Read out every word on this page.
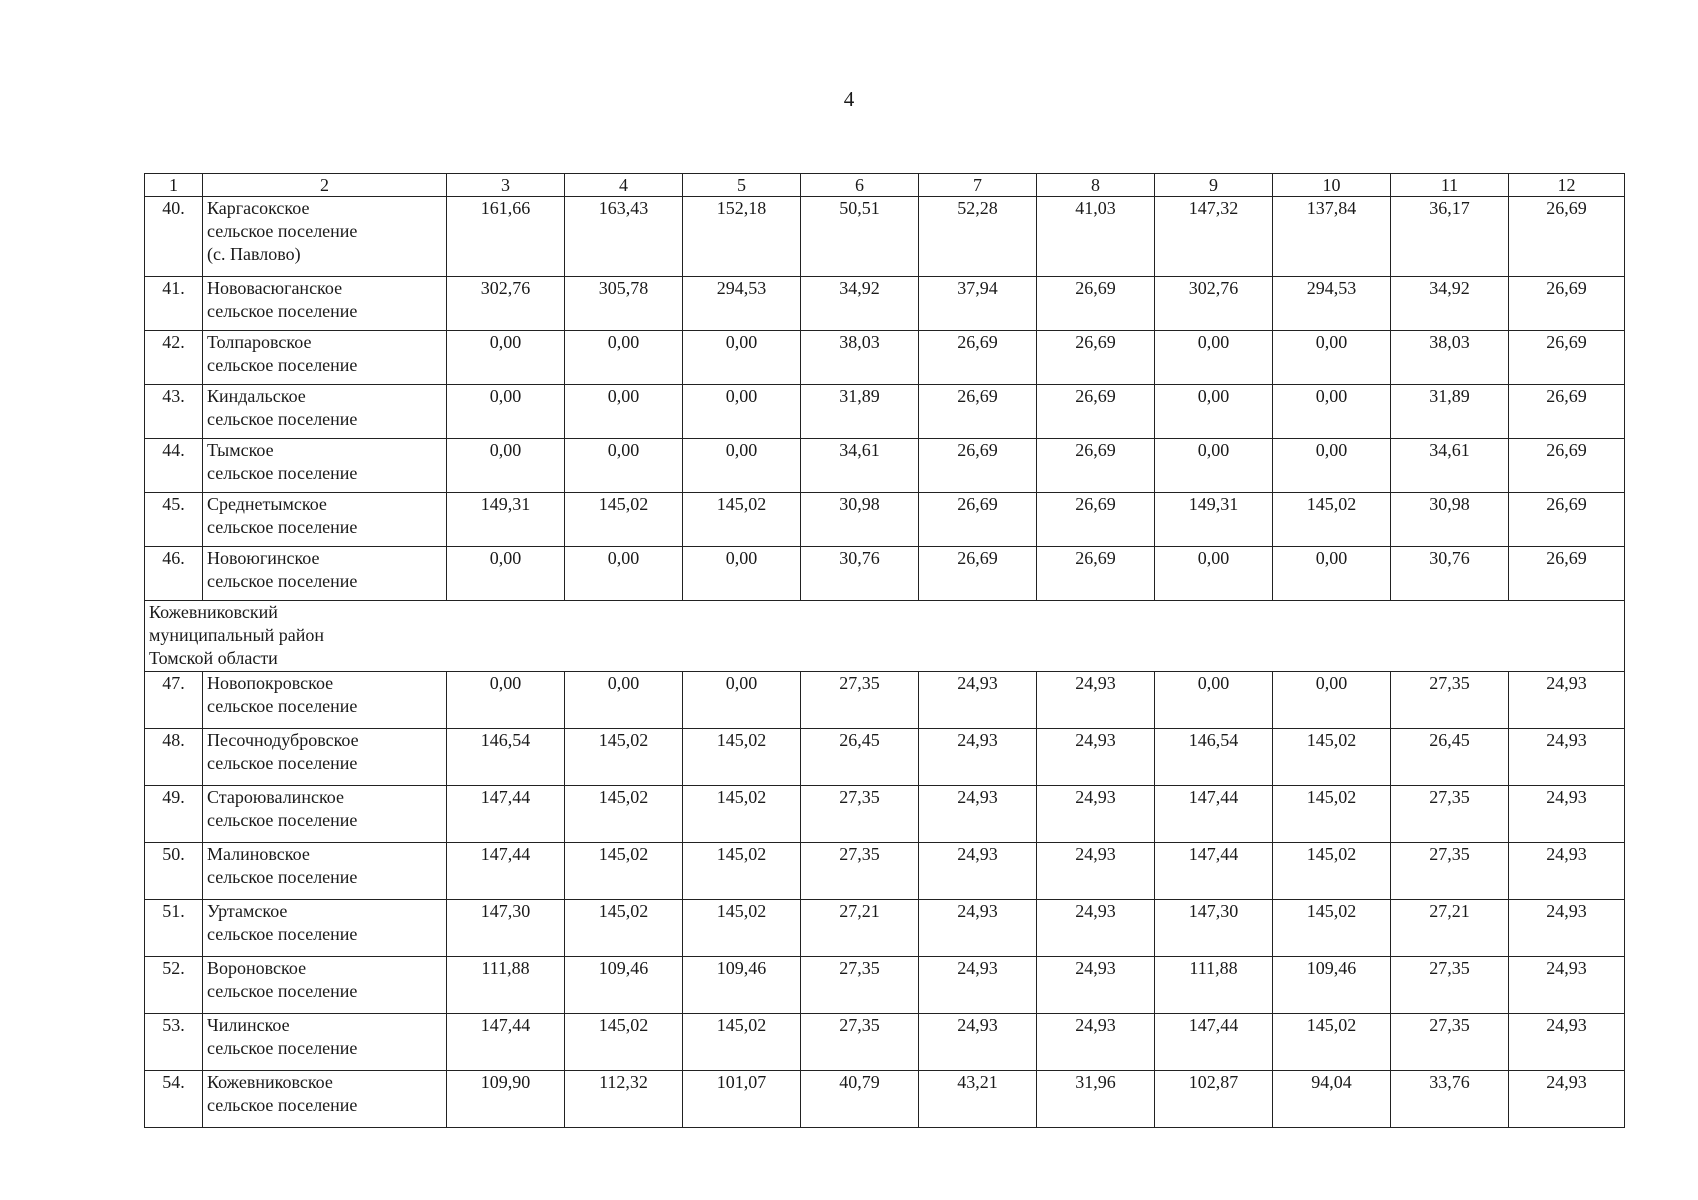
4
1	2	3	4	5	6	7	8	9	10	11	12
40.	Каргасокское
сельское поселение
(с. Павлово)	161,66	163,43	152,18	50,51	52,28	41,03	147,32	137,84	36,17	26,69
41.	Нововасюганское
сельское поселение	302,76	305,78	294,53	34,92	37,94	26,69	302,76	294,53	34,92	26,69
42.	Толпаровское
сельское поселение	0,00	0,00	0,00	38,03	26,69	26,69	0,00	0,00	38,03	26,69
43.	Киндальское
сельское поселение	0,00	0,00	0,00	31,89	26,69	26,69	0,00	0,00	31,89	26,69
44.	Тымское
сельское поселение	0,00	0,00	0,00	34,61	26,69	26,69	0,00	0,00	34,61	26,69
45.	Среднетымское
сельское поселение	149,31	145,02	145,02	30,98	26,69	26,69	149,31	145,02	30,98	26,69
46.	Новоюгинское
сельское поселение	0,00	0,00	0,00	30,76	26,69	26,69	0,00	0,00	30,76	26,69

Кожевниковский
муниципальный район
Томской области											

47.	Новопокровское
сельское поселение	0,00	0,00	0,00	27,35	24,93	24,93	0,00	0,00	27,35	24,93
48.	Песочнодубровское
сельское поселение	146,54	145,02	145,02	26,45	24,93	24,93	146,54	145,02	26,45	24,93
49.	Староювалинское
сельское поселение	147,44	145,02	145,02	27,35	24,93	24,93	147,44	145,02	27,35	24,93
50.	Малиновское
сельское поселение	147,44	145,02	145,02	27,35	24,93	24,93	147,44	145,02	27,35	24,93
51.	Уртамское
сельское поселение	147,30	145,02	145,02	27,21	24,93	24,93	147,30	145,02	27,21	24,93
52.	Вороновское
сельское поселение	111,88	109,46	109,46	27,35	24,93	24,93	111,88	109,46	27,35	24,93
53.	Чилинское
сельское поселение	147,44	145,02	145,02	27,35	24,93	24,93	147,44	145,02	27,35	24,93
54.	Кожевниковское
сельское поселение	109,90	112,32	101,07	40,79	43,21	31,96	102,87	94,04	33,76	24,93
